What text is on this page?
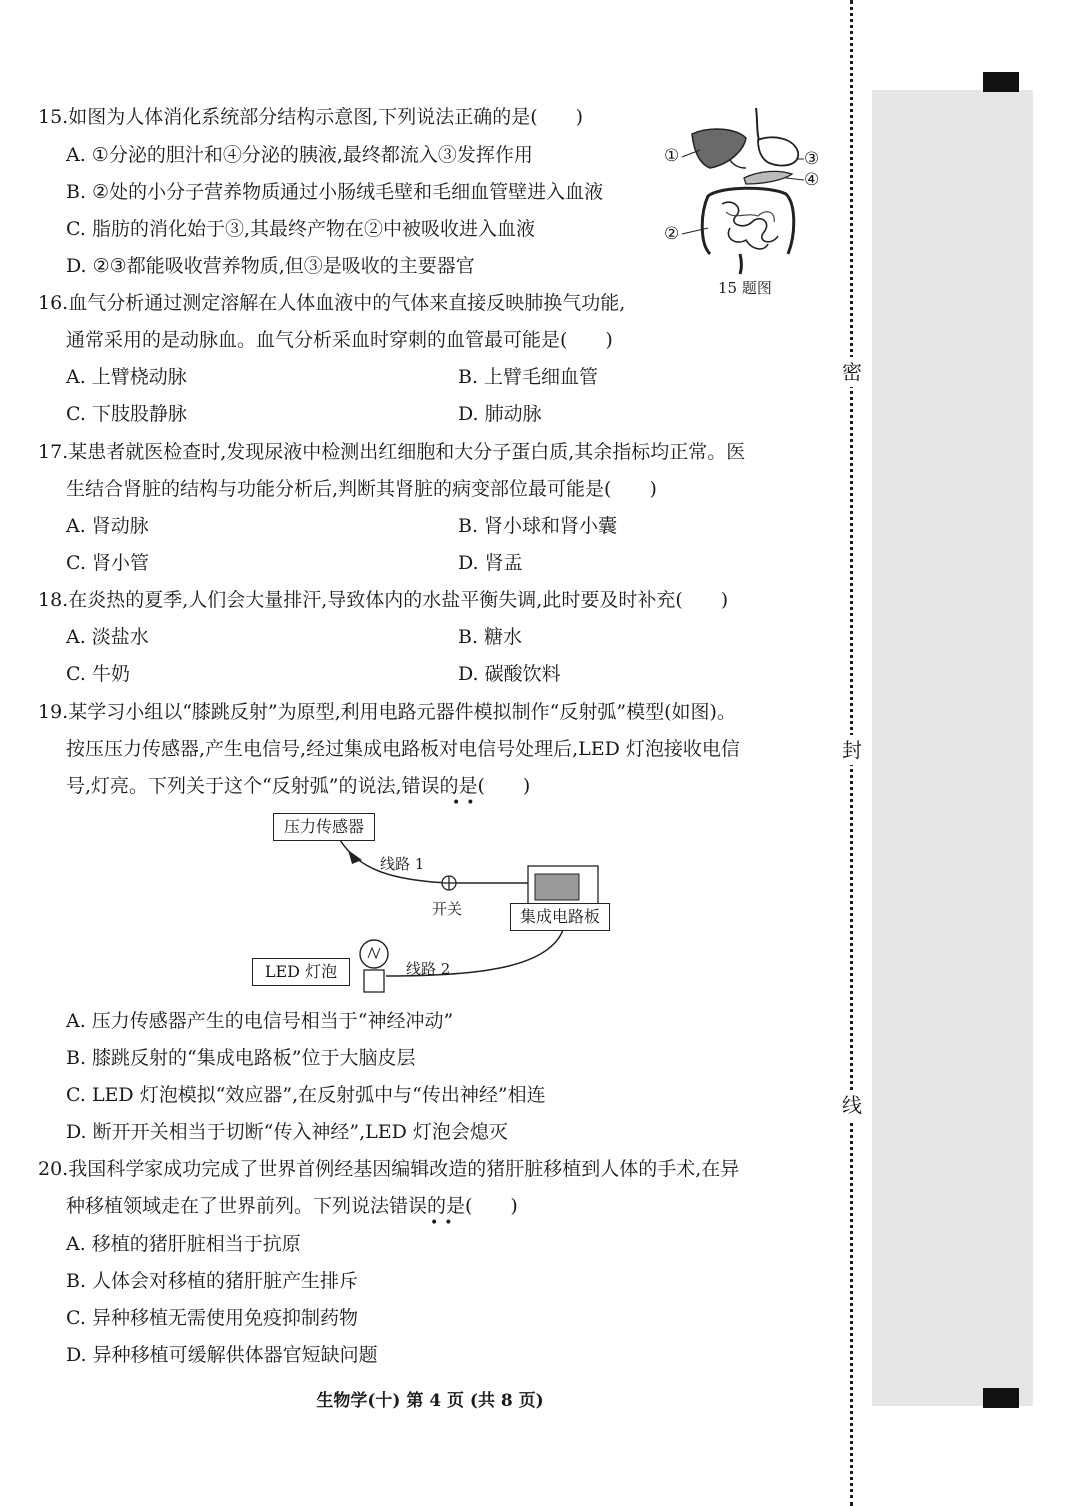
密
封
线
15.如图为人体消化系统部分结构示意图,下列说法正确的是(　　)
A. ①分泌的胆汁和④分泌的胰液,最终都流入③发挥作用
B. ②处的小分子营养物质通过小肠绒毛壁和毛细血管壁进入血液
C. 脂肪的消化始于③,其最终产物在②中被吸收进入血液
D. ②③都能吸收营养物质,但③是吸收的主要器官
①
②
③
④
15 题图
16.血气分析通过测定溶解在人体血液中的气体来直接反映肺换气功能,
通常采用的是动脉血。血气分析采血时穿刺的血管最可能是(　　)
A. 上臂桡动脉	B. 上臂毛细血管
C. 下肢股静脉	D. 肺动脉
17.某患者就医检查时,发现尿液中检测出红细胞和大分子蛋白质,其余指标均正常。医
生结合肾脏的结构与功能分析后,判断其肾脏的病变部位最可能是(　　)
A. 肾动脉	B. 肾小球和肾小囊
C. 肾小管	D. 肾盂
18.在炎热的夏季,人们会大量排汗,导致体内的水盐平衡失调,此时要及时补充(　　)
A. 淡盐水	B. 糖水
C. 牛奶	D. 碳酸饮料
19.某学习小组以“膝跳反射”为原型,利用电路元器件模拟制作“反射弧”模型(如图)。
按压压力传感器,产生电信号,经过集成电路板对电信号处理后,LED 灯泡接收电信
号,灯亮。下列关于这个“反射弧”的说法,错误的是(　　)
••
压力传感器
线路 1
开关	集成电路板
LED 灯泡	线路 2
A. 压力传感器产生的电信号相当于“神经冲动”
B. 膝跳反射的“集成电路板”位于大脑皮层
C. LED 灯泡模拟“效应器”,在反射弧中与“传出神经”相连
D. 断开开关相当于切断“传入神经”,LED 灯泡会熄灭
20.我国科学家成功完成了世界首例经基因编辑改造的猪肝脏移植到人体的手术,在异
种移植领域走在了世界前列。下列说法错误的是(　　)
••
A. 移植的猪肝脏相当于抗原
B. 人体会对移植的猪肝脏产生排斥
C. 异种移植无需使用免疫抑制药物
D. 异种移植可缓解供体器官短缺问题
生物学(十) 第 4 页 (共 8 页)
